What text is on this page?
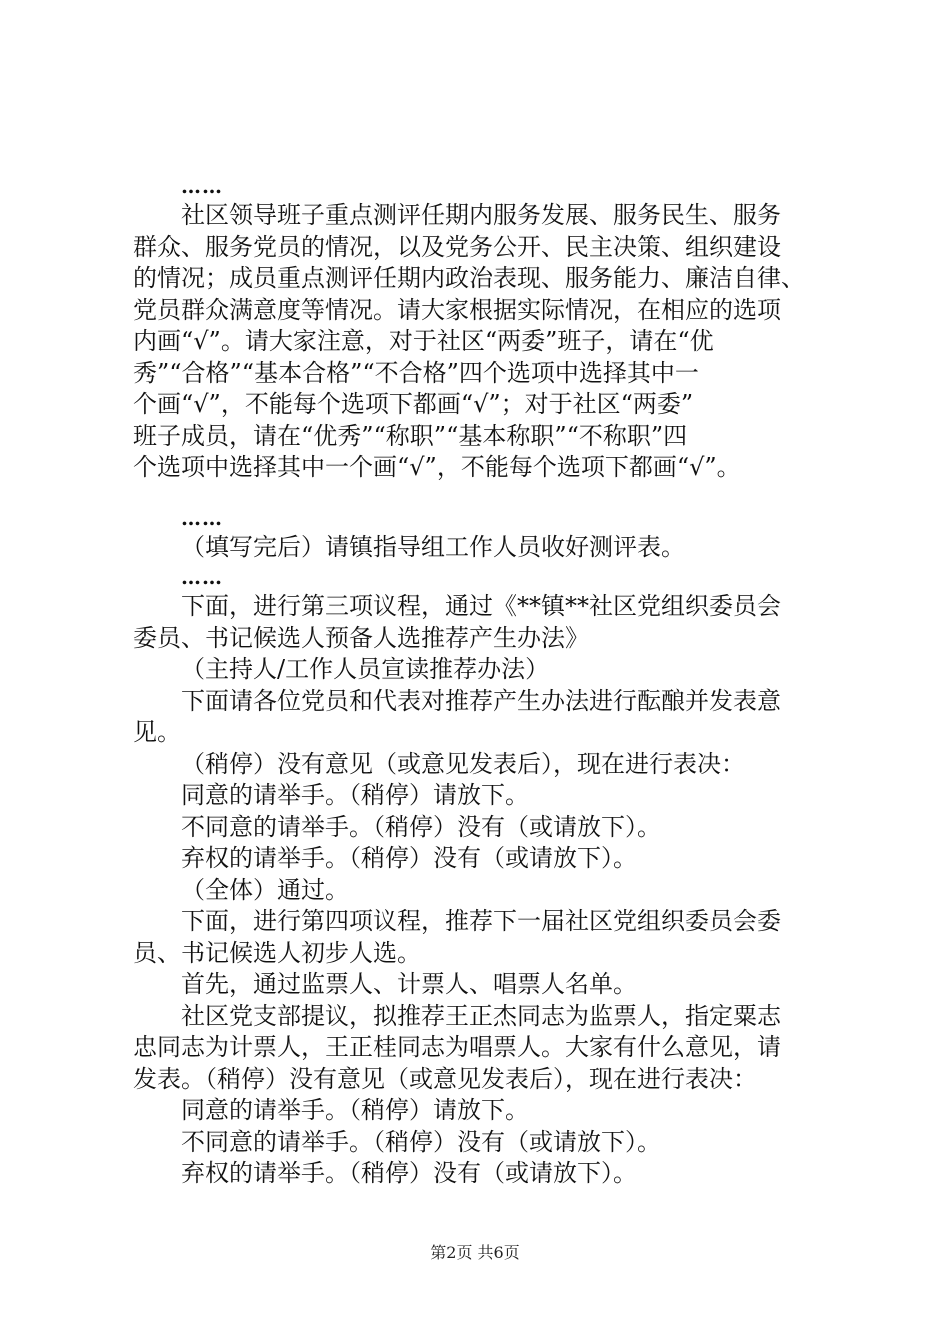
……

社区领导班子重点测评任期内服务发展、服务民生、服务

群众、服务党员的情况，以及党务公开、民主决策、组织建设

的情况；成员重点测评任期内政治表现、服务能力、廉洁自律、

党员群众满意度等情况。请大家根据实际情况，在相应的选项

内画“√”。请大家注意，对于社区“两委”班子，请在“优

秀”“合格”“基本合格”“不合格”四个选项中选择其中一

个画“√”，不能每个选项下都画“√”；对于社区“两委”

班子成员，请在“优秀”“称职”“基本称职”“不称职”四

个选项中选择其中一个画“√”，不能每个选项下都画“√”。

……

（填写完后）请镇指导组工作人员收好测评表。

……

下面，进行第三项议程，通过《**镇**社区党组织委员会

委员、书记候选人预备人选推荐产生办法》

（主持人/工作人员宣读推荐办法）

下面请各位党员和代表对推荐产生办法进行酝酿并发表意

见。

（稍停）没有意见（或意见发表后），现在进行表决：

同意的请举手。（稍停）请放下。

不同意的请举手。（稍停）没有（或请放下）。

弃权的请举手。（稍停）没有（或请放下）。

（全体）通过。

下面，进行第四项议程，推荐下一届社区党组织委员会委

员、书记候选人初步人选。

首先，通过监票人、计票人、唱票人名单。

社区党支部提议，拟推荐王正杰同志为监票人，指定粟志

忠同志为计票人，王正桂同志为唱票人。大家有什么意见，请

发表。（稍停）没有意见（或意见发表后），现在进行表决：

同意的请举手。（稍停）请放下。

不同意的请举手。（稍停）没有（或请放下）。

弃权的请举手。（稍停）没有（或请放下）。

第2页 共6页
